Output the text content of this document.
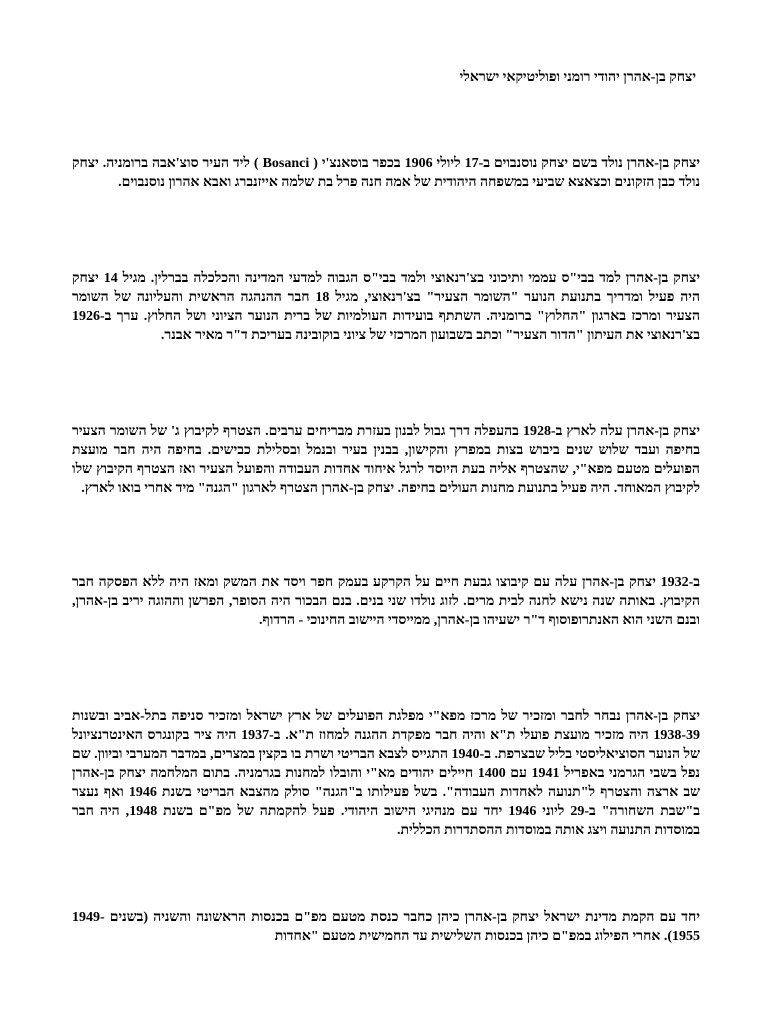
יצחק בן-אהרן יהודי רומני ופוליטיקאי ישראלי

יצחק בן-אהרן נולד בשם יצחק נוסנבוים ב-17 ליולי 1906 בכפר בוסאנצ'י ( Bosanci ) ליד העיר סוצ'אבה ברומניה. יצחק נולד כבן הזקונים וכצאצא שביעי במשפחה היהודית של אמה חנה פרל בת שלמה אייזנברג ואבא אהרון נוסנבוים.

יצחק בן-אהרן למד בבי"ס עממי ותיכוני בצ'רנאוצי ולמד בבי"ס הגבוה למדעי המדינה והכלכלה בברלין. מגיל 14 יצחק היה פעיל ומדריך בתנועת הנוער "השומר הצעיר" בצ'רנאוצי, מגיל 18 חבר ההנהגה הראשית והעליונה של השומר הצעיר ומרכז בארגון "החלוץ" ברומניה. השתתף בועידות העולמיות של ברית הנוער הציוני ושל החלוץ. ערך ב-1926 בצ'רנאוצי את העיתון "הדור הצעיר" וכתב בשבועון המרכזי של ציוני בוקובינה בעריכת ד"ר מאיר אבנר.

יצחק בן-אהרן עלה לארץ ב-1928 בהעפלה דרך גבול לבנון בעזרת מבריחים ערבים. הצטרף לקיבוץ ג' של השומר הצעיר בחיפה ועבד שלוש שנים ביבוש בצות במפרץ והקישון, בבנין בעיר ובנמל ובסלילת כבישים. בחיפה היה חבר מועצת הפועלים מטעם מפא"י, שהצטרף אליה בעת היוסד לרגל איחוד אחדות העבודה והפועל הצעיר ואז הצטרף הקיבוץ שלו לקיבוץ המאוחד. היה פעיל בתנועת מחנות העולים בחיפה. יצחק בן-אהרן הצטרף לארגון "הגנה" מיד אחרי בואו לארץ.

ב-1932 יצחק בן-אהרן עלה עם קיבוצו גבעת חיים על הקרקע בעמק חפר ויסד את המשק ומאז היה ללא הפסקה חבר הקיבוץ. באותה שנה נישא לחנה לבית מרים. לזוג נולדו שני בנים. בנם הבכור היה הסופר, הפרשן וההוגה יריב בן-אהרן, ובנם השני הוא האנתרופוסוף ד"ר ישעיהו בן-אהרן, ממייסדי היישוב החינוכי - הרדוף.

יצחק בן-אהרן נבחר לחבר ומזכיר של מרכז מפא"י מפלגת הפועלים של ארץ ישראל ומזכיר סניפה בתל-אביב ובשנות 1938-39 היה מזכיר מועצת פועלי ת"א והיה חבר מפקדת ההגנה למחוז ת"א. ב-1937 היה ציר בקונגרס האינטרנציונל של הנוער הסוציאליסטי בליל שבצרפת. ב-1940 התגייס לצבא הבריטי ושרת בו בקצין במצרים, במדבר המערבי וביוון. שם נפל בשבי הגרמני באפריל 1941 עם 1400 חיילים יהודים מא"י והובלו למחנות בגרמניה. בתום המלחמה יצחק בן-אהרן שב ארצה והצטרף ל"תנועה לאחדות העבודה". בשל פעילותו ב"הגנה" סולק מהצבא הבריטי בשנת 1946 ואף נעצר ב"שבת השחורה" ב-29 ליוני 1946 יחד עם מנהיגי הישוב היהודי. פעל להקמתה של מפ"ם בשנת 1948, היה חבר במוסדות התנועה ויצג אותה במוסדות ההסתדרות הכללית.

יחד עם הקמת מדינת ישראל יצחק בן-אהרן כיהן כחבר כנסת מטעם מפ"ם בכנסות הראשונה והשניה (בשנים 1949-1955). אחרי הפילוג במפ"ם כיהן בכנסות השלישית עד החמישית מטעם "אחדות
